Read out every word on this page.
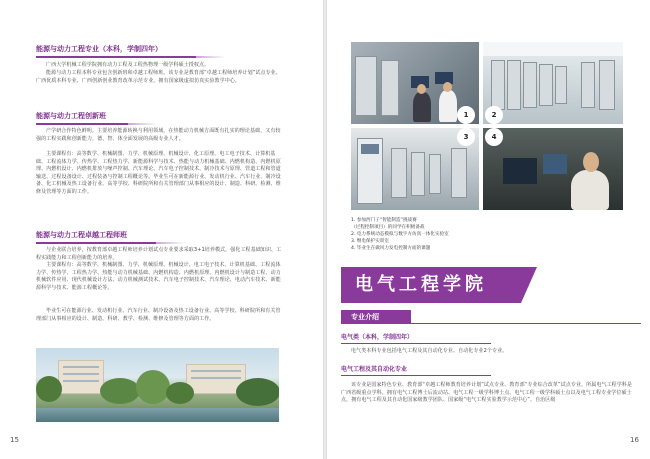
能源与动力工程专业（本科，学制四年）
广西大学机械工程学院拥有动力工程及工程热物理一级学科硕士授权点。
能源与动力工程本科专业包含创新班和卓越工程师班，该专业是教育部“卓越工程师培养计划”试点专业、广西优质本科专业、广西创新创业教育改革示范专业，拥有国家级虚拟仿真实验教学中心。
能源与动力工程创新班
产学研合作特色鲜明。主要培养能源转换与利用领域，在热能动力机械方面既有扎实的理论基础，又有较强的工程实践和创新能力，德、智、体全面发展的高级专业人才。
主要课程有：高等数学、机械制图、力学、机械原理、机械设计、化工原理、电工电子技术、计算机基础、工程流体力学、传热学、工程热力学、新能源科学与技术、热能与动力机械基础、内燃机构造、内燃机原理、内燃机设计、内燃机排放与噪声控制、汽车理论、汽车电子控制技术、制冷技术与原理、管道工程和管道输送、过程设备设计、过程装备与控制工程概论等。毕业生可在新能源行业、发动机行业、汽车行业、制冷设备、化工机械及热工设备行业、高等学校、科研院所和有关管理部门从事相应的设计、制造、科研、检测、维修及管理等方面的工作。
能源与动力工程卓越工程师班
与企业联合培养，按教育部卓越工程师培养计划试点专业要求采取3+1培养模式，强化工程基础知识、工程实践能力和工程创新能力的培养。
主要课程有：高等数学、机械制图、力学、机械原理、机械设计、电工电子技术、计算机基础、工程流体力学、传热学、工程热力学、热能与动力机械基础、内燃机构造、内燃机原理、内燃机设计与制造工程、动力机械软件应用、现代机械设计方法、动力机械测试技术、汽车电子控制技术、汽车理论、电动汽车技术、新能源科学与技术、能源工程概论等。
毕业生可在能源行业、发动机行业、汽车行业、制冷设备及热工设备行业、高等学校、科研院所和有关管理部门从事相应的设计、制造、科研、教学、检测、维修及管理等方面的工作。
15
1	2
3	4
1. 参加西门子“智能制造”挑战赛
（过程控制项目）的同学在积极备战
2. 电力系统动态模拟与数字方仿真一体化实验室
3. 继电保护实训室
4. 毕业生在做风力发电控制方面的课题
电气工程学院
专业介绍
电气类（本科，学制四年）
电气类本科专业包括电气工程及其自动化专业、自动化专业2个专业。
电气工程及其自动化专业
该专业是国家特色专业、教育部“卓越工程师教育培养计划”试点专业、教育部“专业综合改革”试点专业，所属电气工程学科是广西省级重点学科。拥有电气工程博士后流动站、电气工程一级学科博士点、电气工程一级学科硕士点以及电气工程专业学位硕士点，拥有电气工程及其自动化国家级教学团队、国家级“电气工程实验教学示范中心”、自治区级
16
